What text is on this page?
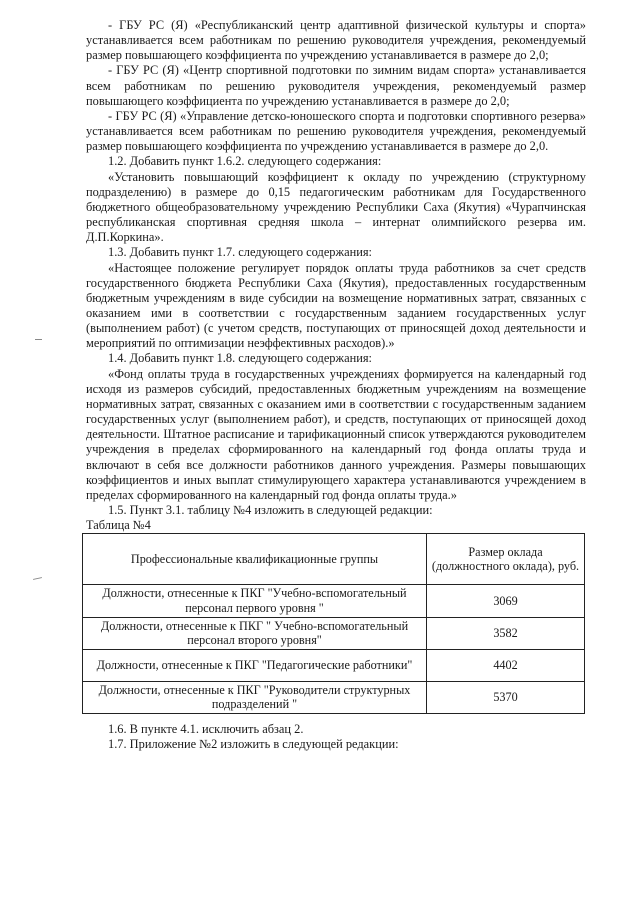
- ГБУ РС (Я) «Республиканский центр адаптивной физической культуры и спорта» устанавливается всем работникам по решению руководителя учреждения, рекомендуемый размер повышающего коэффициента по учреждению устанавливается в размере до 2,0;

- ГБУ РС (Я) «Центр спортивной подготовки по зимним видам спорта» устанавливается всем работникам по решению руководителя учреждения, рекомендуемый размер повышающего коэффициента по учреждению устанавливается в размере до 2,0;

- ГБУ РС (Я) «Управление детско-юношеского спорта и подготовки спортивного резерва» устанавливается всем работникам по решению руководителя учреждения, рекомендуемый размер повышающего коэффициента по учреждению устанавливается в размере до 2,0.

1.2. Добавить пункт 1.6.2. следующего содержания:

«Установить повышающий коэффициент к окладу по учреждению (структурному подразделению) в размере до 0,15 педагогическим работникам для Государственного бюджетного общеобразовательному учреждению Республики Саха (Якутия) «Чурапчинская республиканская спортивная средняя школа – интернат олимпийского резерва им. Д.П.Коркина».

1.3. Добавить пункт 1.7. следующего содержания:

«Настоящее положение регулирует порядок оплаты труда работников за счет средств государственного бюджета Республики Саха (Якутия), предоставленных государственным бюджетным учреждениям в виде субсидии на возмещение нормативных затрат, связанных с оказанием ими в соответствии с государственным заданием государственных услуг (выполнением работ) (с учетом средств, поступающих от приносящей доход деятельности и мероприятий по оптимизации неэффективных расходов).»

1.4. Добавить пункт 1.8. следующего содержания:

«Фонд оплаты труда в государственных учреждениях формируется на календарный год исходя из размеров субсидий, предоставленных бюджетным учреждениям на возмещение нормативных затрат, связанных с оказанием ими в соответствии с государственным заданием государственных услуг (выполнением работ), и средств, поступающих от приносящей доход деятельности. Штатное расписание и тарификационный список утверждаются руководителем учреждения в пределах сформированного на календарный год фонда оплаты труда и включают в себя все должности работников данного учреждения. Размеры повышающих коэффициентов и иных выплат стимулирующего характера устанавливаются учреждением в пределах сформированного на календарный год фонда оплаты труда.»

1.5. Пункт 3.1. таблицу №4 изложить в следующей редакции:

Таблица №4

Профессиональные квалификационные группы	Размер оклада (должностного оклада), руб.
Должности, отнесенные к ПКГ "Учебно-вспомогательный персонал первого уровня "	3069
Должности, отнесенные к ПКГ " Учебно-вспомогательный персонал второго уровня"	3582
Должности, отнесенные к ПКГ "Педагогические работники"	4402
Должности, отнесенные к ПКГ "Руководители структурных подразделений "	5370

1.6. В пункте 4.1. исключить абзац 2.

1.7. Приложение №2 изложить в следующей редакции:
